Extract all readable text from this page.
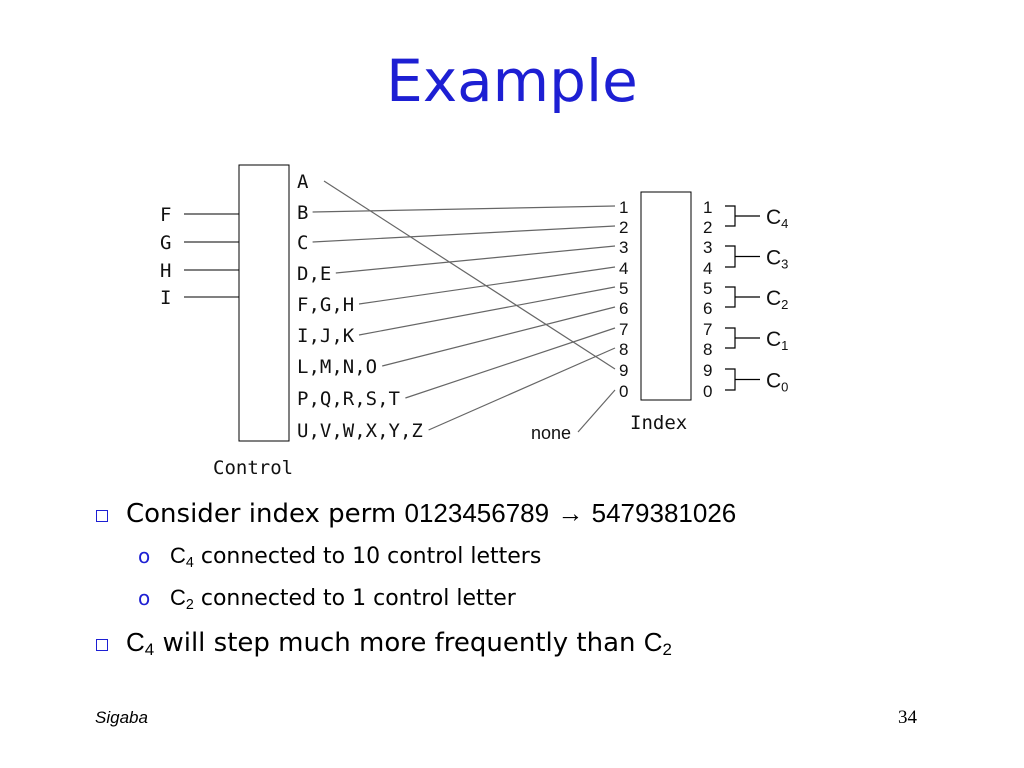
Example
F
G
H
I
Control
A
B
C
D,E
F,G,H
I,J,K
L,M,N,O
P,Q,R,S,T
U,V,W,X,Y,Z
1
2
3
4
5
6
7
8
9
0
none	Index
1
2
3
4
5
6
7
8
9
0
C4
C3
C2
C1
C0
Consider index perm 0123456789 → 5479381026
o $C_4$ connected to 10 control letters
o $C_2$ connected to 1 control letter
$C_4$ will step much more frequently than $C_2$
Sigaba	34
